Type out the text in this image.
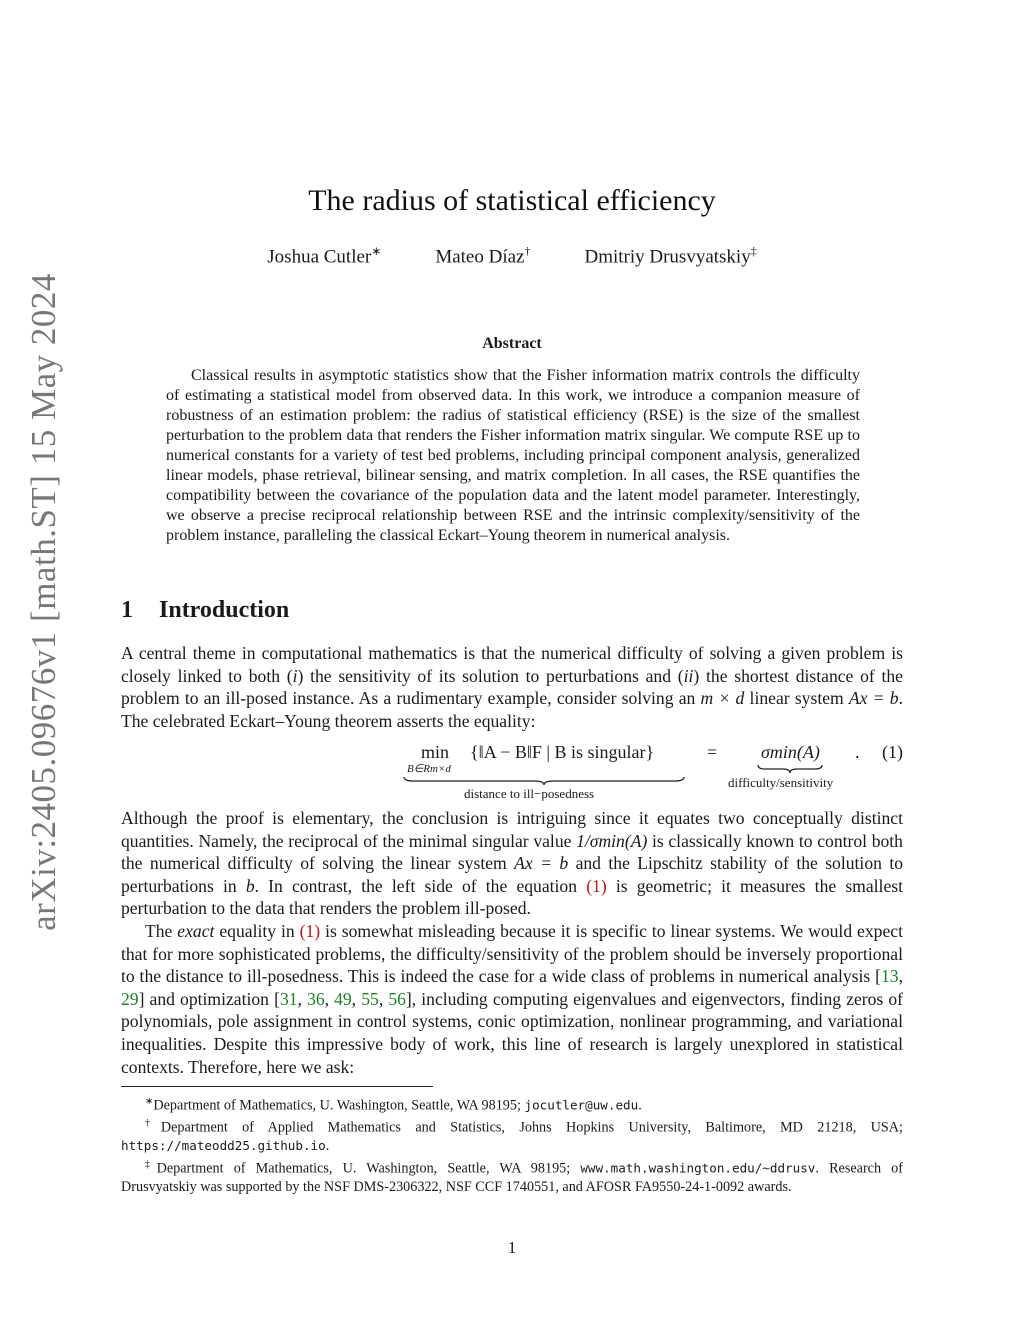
arXiv:2405.09676v1 [math.ST] 15 May 2024
The radius of statistical efficiency
Joshua Cutler∗	Mateo Díaz†	Dmitriy Drusvyatskiy‡
Abstract

Classical results in asymptotic statistics show that the Fisher information matrix controls the difficulty of estimating a statistical model from observed data. In this work, we introduce a companion measure of robustness of an estimation problem: the radius of statistical efficiency (RSE) is the size of the smallest perturbation to the problem data that renders the Fisher information matrix singular. We compute RSE up to numerical constants for a variety of test bed problems, including principal component analysis, generalized linear models, phase retrieval, bilinear sensing, and matrix completion. In all cases, the RSE quantifies the compatibility between the covariance of the population data and the latent model parameter. Interestingly, we observe a precise reciprocal relationship between RSE and the intrinsic complexity/sensitivity of the problem instance, paralleling the classical Eckart–Young theorem in numerical analysis.

1 Introduction

A central theme in computational mathematics is that the numerical difficulty of solving a given problem is closely linked to both (i) the sensitivity of its solution to perturbations and (ii) the shortest distance of the problem to an ill-posed instance. As a rudimentary example, consider solving an m × d linear system Ax = b. The celebrated Eckart–Young theorem asserts the equality:

min
B∈Rm×d
{‖A − B‖F | B is singular}
distance to ill−posedness
= σmin(A)
difficulty/sensitivity
. (1)

Although the proof is elementary, the conclusion is intriguing since it equates two conceptually distinct quantities. Namely, the reciprocal of the minimal singular value 1/σmin(A) is classically known to control both the numerical difficulty of solving the linear system Ax = b and the Lipschitz stability of the solution to perturbations in b. In contrast, the left side of the equation (1) is geometric; it measures the smallest perturbation to the data that renders the problem ill-posed.

The exact equality in (1) is somewhat misleading because it is specific to linear systems. We would expect that for more sophisticated problems, the difficulty/sensitivity of the problem should be inversely proportional to the distance to ill-posedness. This is indeed the case for a wide class of problems in numerical analysis [13, 29] and optimization [31, 36, 49, 55, 56], including computing eigenvalues and eigenvectors, finding zeros of polynomials, pole assignment in control systems, conic optimization, nonlinear programming, and variational inequalities. Despite this impressive body of work, this line of research is largely unexplored in statistical contexts. Therefore, here we ask:

∗Department of Mathematics, U. Washington, Seattle, WA 98195; jocutler@uw.edu.

†Department of Applied Mathematics and Statistics, Johns Hopkins University, Baltimore, MD 21218, USA; https://mateodd25.github.io.

‡Department of Mathematics, U. Washington, Seattle, WA 98195; www.math.washington.edu/~ddrusv. Research of Drusvyatskiy was supported by the NSF DMS-2306322, NSF CCF 1740551, and AFOSR FA9550-24-1-0092 awards.

1
